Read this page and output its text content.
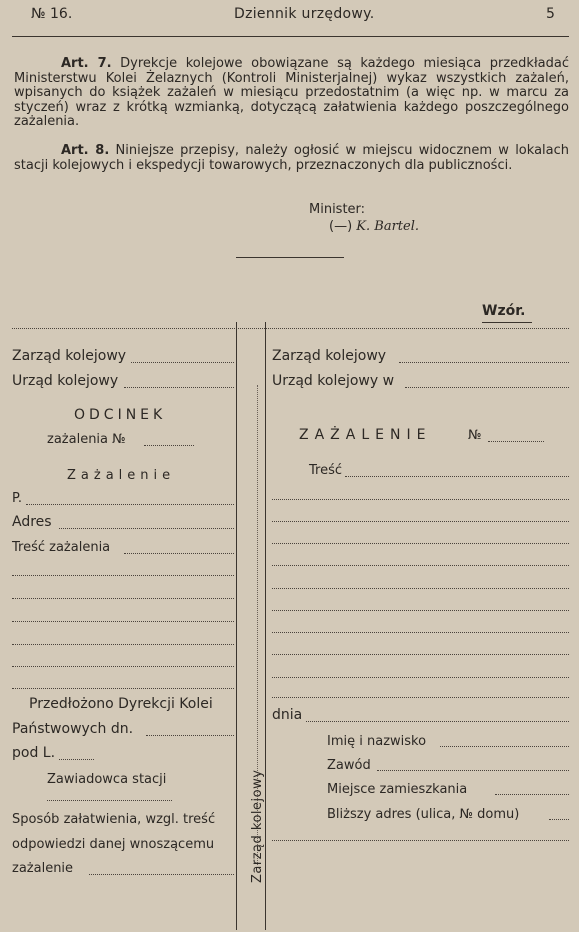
№ 16.	Dziennik urzędowy.	5

Art. 7. Dyrekcje kolejowe obowiązane są każdego miesiąca przedkładać Ministerstwu Kolei Żelaznych (Kontroli Ministerjalnej) wykaz wszystkich zażaleń, wpisanych do książek zażaleń w miesiącu przedostatnim (a więc np. w marcu za styczeń) wraz z krótką wzmianką, dotyczącą załatwienia każdego poszczególnego zażalenia.

Art. 8. Niniejsze przepisy, należy ogłosić w miejscu widocznem w lokalach stacji kolejowych i ekspedycji towarowych, przeznaczonych dla publiczności.

Minister:
(—) K. Bartel.
Wzór.
Zarząd kolejowy
Zarząd kolejowy
Urząd kolejowy
ODCINEK
zażalenia №
Zażalenie
P.
Adres
Treść zażalenia
Przedłożono Dyrekcji Kolei
Państwowych dn.
pod L.
Zawiadowca stacji
Sposób załatwienia, wzgl. treść
odpowiedzi danej wnoszącemu
zażalenie
Zarząd kolejowy
Urząd kolejowy w
ZAŻALENIE	№
Treść
dnia
Imię i nazwisko
Zawód
Miejsce zamieszkania
Bliższy adres (ulica, № domu)
